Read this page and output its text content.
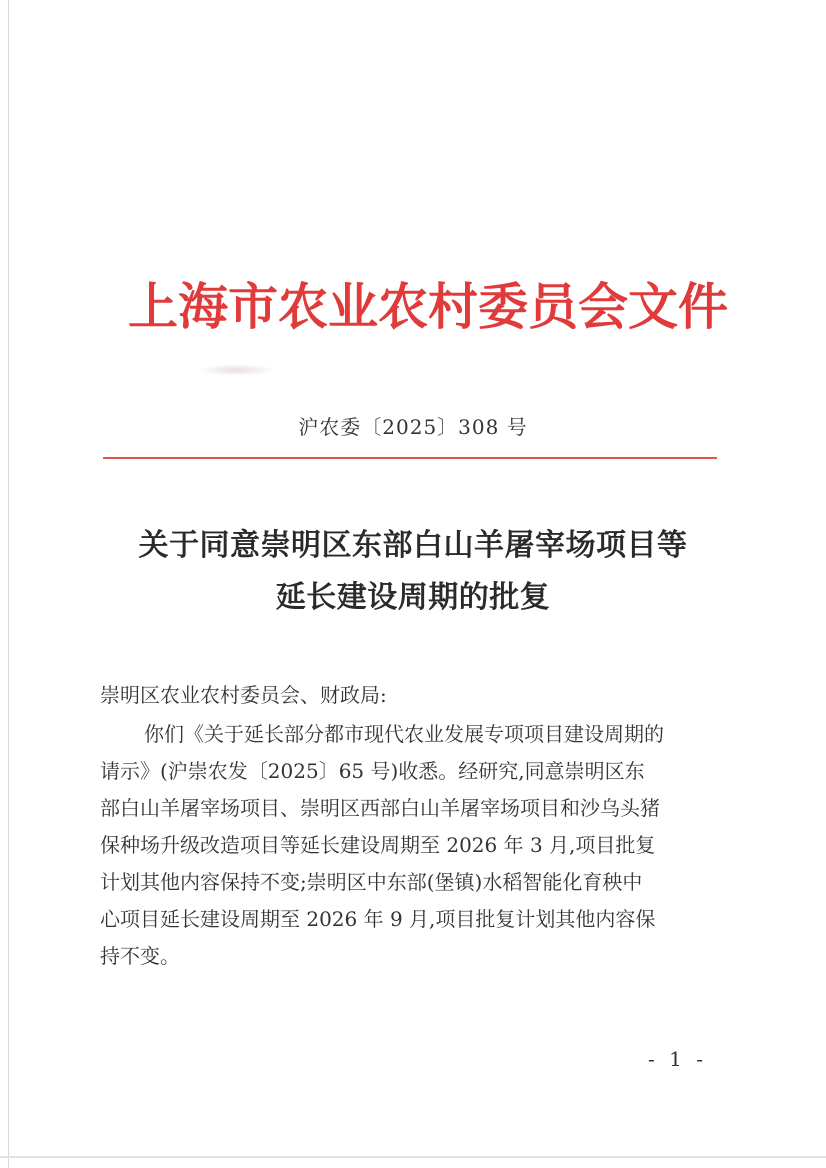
上海市农业农村委员会文件
沪农委〔2025〕308 号
关于同意崇明区东部白山羊屠宰场项目等
延长建设周期的批复
崇明区农业农村委员会、财政局:
你们《关于延长部分都市现代农业发展专项项目建设周期的
请示》(沪崇农发〔2025〕65 号)收悉。经研究,同意崇明区东
部白山羊屠宰场项目、崇明区西部白山羊屠宰场项目和沙乌头猪
保种场升级改造项目等延长建设周期至 2026 年 3 月,项目批复
计划其他内容保持不变;崇明区中东部(堡镇)水稻智能化育秧中
心项目延长建设周期至 2026 年 9 月,项目批复计划其他内容保
持不变。
- 1 -
